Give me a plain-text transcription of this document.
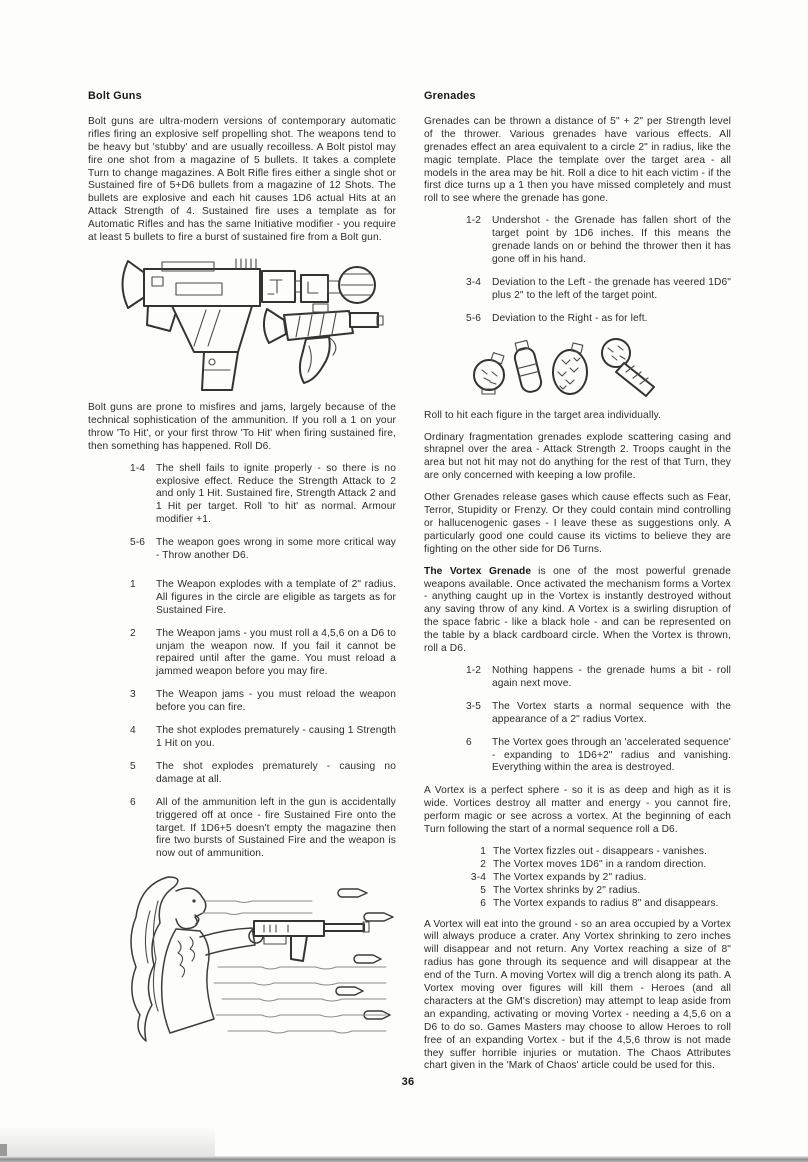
Bolt Guns

Bolt guns are ultra-modern versions of contemporary automatic rifles firing an explosive self propelling shot. The weapons tend to be heavy but 'stubby' and are usually recoilless. A Bolt pistol may fire one shot from a magazine of 5 bullets. It takes a complete Turn to change magazines. A Bolt Rifle fires either a single shot or Sustained fire of 5+D6 bullets from a magazine of 12 Shots. The bullets are explosive and each hit causes 1D6 actual Hits at an Attack Strength of 4. Sustained fire uses a template as for Automatic Rifles and has the same Initiative modifier - you require at least 5 bullets to fire a burst of sustained fire from a Bolt gun.

Bolt guns are prone to misfires and jams, largely because of the technical sophistication of the ammunition. If you roll a 1 on your throw 'To Hit', or your first throw 'To Hit' when firing sustained fire, then something has happened. Roll D6.

1-4	The shell fails to ignite properly - so there is no explosive effect. Reduce the Strength Attack to 2 and only 1 Hit. Sustained fire, Strength Attack 2 and 1 Hit per target. Roll 'to hit' as normal. Armour modifier +1.
5-6	The weapon goes wrong in some more critical way - Throw another D6.
1	The Weapon explodes with a template of 2" radius. All figures in the circle are eligible as targets as for Sustained Fire.
2	The Weapon jams - you must roll a 4,5,6 on a D6 to unjam the weapon now. If you fail it cannot be repaired until after the game. You must reload a jammed weapon before you may fire.
3	The Weapon jams - you must reload the weapon before you can fire.
4	The shot explodes prematurely - causing 1 Strength 1 Hit on you.
5	The shot explodes prematurely - causing no damage at all.
6	All of the ammunition left in the gun is accidentally triggered off at once - fire Sustained Fire onto the target. If 1D6+5 doesn't empty the magazine then fire two bursts of Sustained Fire and the weapon is now out of ammunition.
Grenades

Grenades can be thrown a distance of 5" + 2" per Strength level of the thrower. Various grenades have various effects. All grenades effect an area equivalent to a circle 2" in radius, like the magic template. Place the template over the target area - all models in the area may be hit. Roll a dice to hit each victim - if the first dice turns up a 1 then you have missed completely and must roll to see where the grenade has gone.

1-2	Undershot - the Grenade has fallen short of the target point by 1D6 inches. If this means the grenade lands on or behind the thrower then it has gone off in his hand.
3-4	Deviation to the Left - the grenade has veered 1D6" plus 2" to the left of the target point.
5-6	Deviation to the Right - as for left.

Roll to hit each figure in the target area individually.

Ordinary fragmentation grenades explode scattering casing and shrapnel over the area - Attack Strength 2. Troops caught in the area but not hit may not do anything for the rest of that Turn, they are only concerned with keeping a low profile.

Other Grenades release gases which cause effects such as Fear, Terror, Stupidity or Frenzy. Or they could contain mind controlling or hallucenogenic gases - I leave these as suggestions only. A particularly good one could cause its victims to believe they are fighting on the other side for D6 Turns.

The Vortex Grenade is one of the most powerful grenade weapons available. Once activated the mechanism forms a Vortex - anything caught up in the Vortex is instantly destroyed without any saving throw of any kind. A Vortex is a swirling disruption of the space fabric - like a black hole - and can be represented on the table by a black cardboard circle. When the Vortex is thrown, roll a D6.

1-2	Nothing happens - the grenade hums a bit - roll again next move.
3-5	The Vortex starts a normal sequence with the appearance of a 2" radius Vortex.
6	The Vortex goes through an 'accelerated sequence' - expanding to 1D6+2" radius and vanishing. Everything within the area is destroyed.

A Vortex is a perfect sphere - so it is as deep and high as it is wide. Vortices destroy all matter and energy - you cannot fire, perform magic or see across a vortex. At the beginning of each Turn following the start of a normal sequence roll a D6.

1 The Vortex fizzles out - disappears - vanishes.
2 The Vortex moves 1D6" in a random direction.
3-4 The Vortex expands by 2" radius.
5 The Vortex shrinks by 2" radius.
6 The Vortex expands to radius 8" and disappears.

A Vortex will eat into the ground - so an area occupied by a Vortex will always produce a crater. Any Vortex shrinking to zero inches will disappear and not return. Any Vortex reaching a size of 8" radius has gone through its sequence and will disappear at the end of the Turn. A moving Vortex will dig a trench along its path. A Vortex moving over figures will kill them - Heroes (and all characters at the GM's discretion) may attempt to leap aside from an expanding, activating or moving Vortex - needing a 4,5,6 on a D6 to do so. Games Masters may choose to allow Heroes to roll free of an expanding Vortex - but if the 4,5,6 throw is not made they suffer horrible injuries or mutation. The Chaos Attributes chart given in the 'Mark of Chaos' article could be used for this.

36
